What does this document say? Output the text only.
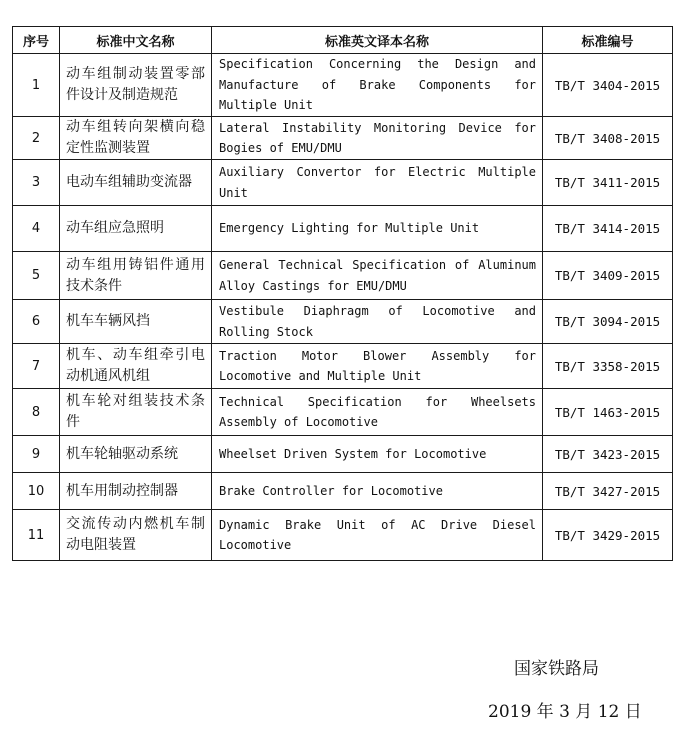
序号	标准中文名称	标准英文译本名称	标准编号
1	动车组制动装置零部件设计及制造规范	Specification Concerning the Design and Manufacture of Brake Components for Multiple Unit	TB/T 3404-2015
2	动车组转向架横向稳定性监测装置	Lateral Instability Monitoring Device for Bogies of EMU/DMU	TB/T 3408-2015
3	电动车组辅助变流器	Auxiliary Convertor for Electric Multiple Unit	TB/T 3411-2015
4	动车组应急照明	Emergency Lighting for Multiple Unit	TB/T 3414-2015
5	动车组用铸铝件通用技术条件	General Technical Specification of Aluminum Alloy Castings for EMU/DMU	TB/T 3409-2015
6	机车车辆风挡	Vestibule Diaphragm of Locomotive and Rolling Stock	TB/T 3094-2015
7	机车、动车组牵引电动机通风机组	Traction Motor Blower Assembly for Locomotive and Multiple Unit	TB/T 3358-2015
8	机车轮对组装技术条件	Technical Specification for Wheelsets Assembly of Locomotive	TB/T 1463-2015
9	机车轮轴驱动系统	Wheelset Driven System for Locomotive	TB/T 3423-2015
10	机车用制动控制器	Brake Controller for Locomotive	TB/T 3427-2015
11	交流传动内燃机车制动电阻装置	Dynamic Brake Unit of AC Drive Diesel Locomotive	TB/T 3429-2015
国家铁路局
2019 年 3 月 12 日
